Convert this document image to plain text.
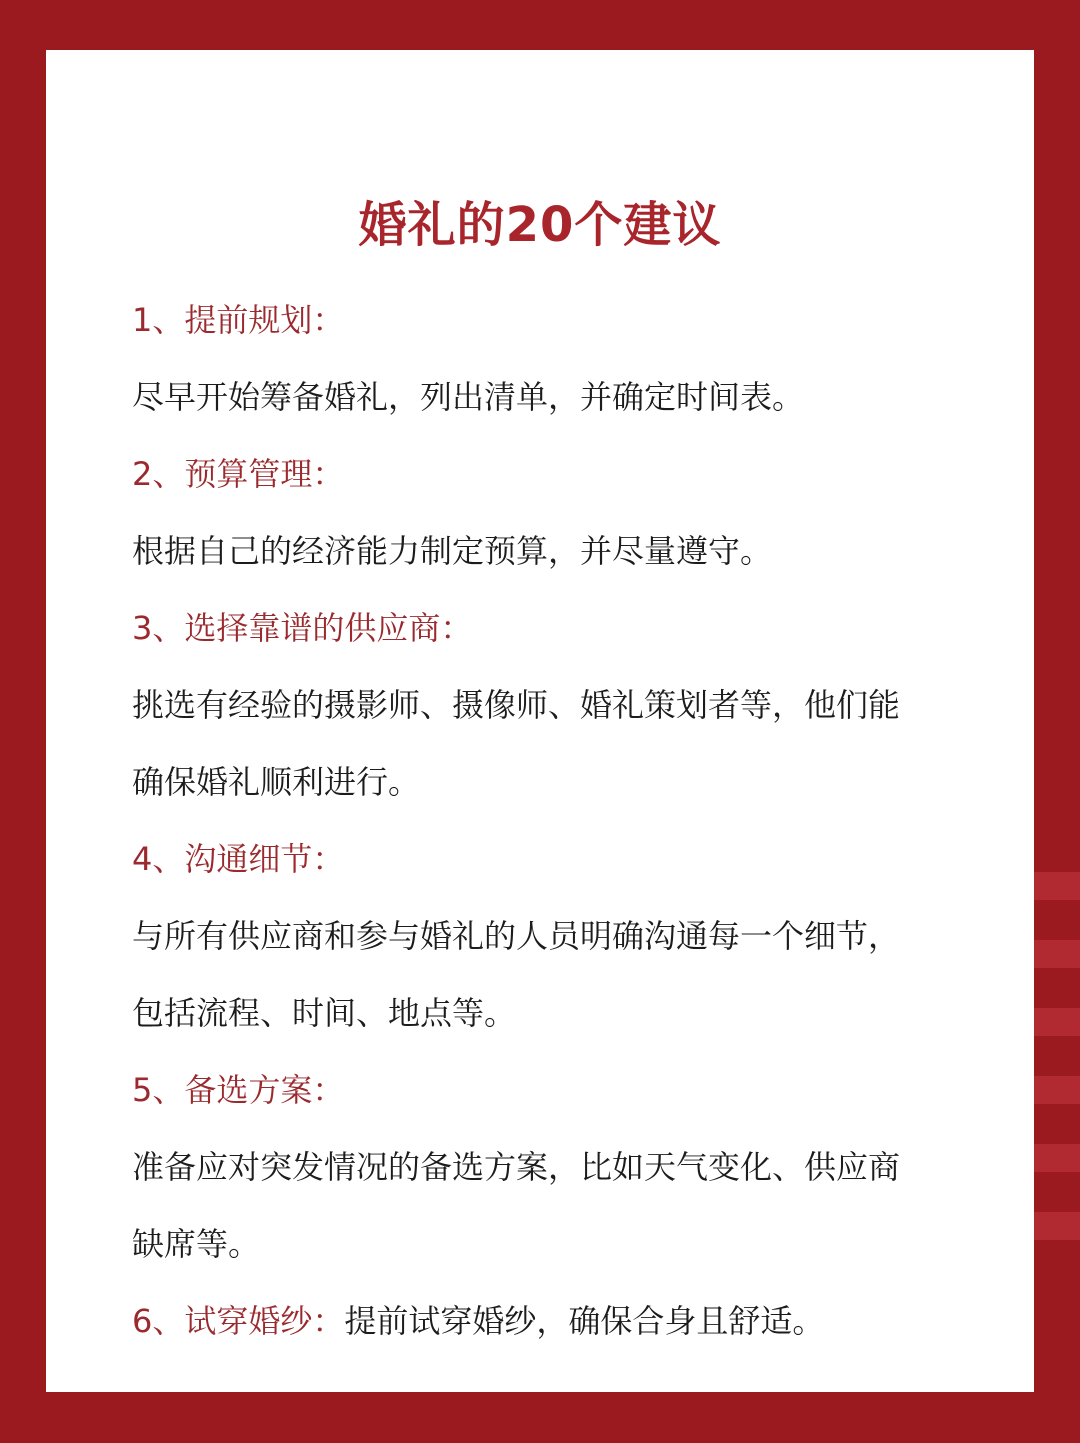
婚礼的20个建议
1、提前规划：
尽早开始筹备婚礼，列出清单，并确定时间表。
2、预算管理：
根据自己的经济能力制定预算，并尽量遵守。
3、选择靠谱的供应商：
挑选有经验的摄影师、摄像师、婚礼策划者等，他们能
确保婚礼顺利进行。
4、沟通细节：
与所有供应商和参与婚礼的人员明确沟通每一个细节，
包括流程、时间、地点等。
5、备选方案：
准备应对突发情况的备选方案，比如天气变化、供应商
缺席等。
6、试穿婚纱：提前试穿婚纱，确保合身且舒适。
